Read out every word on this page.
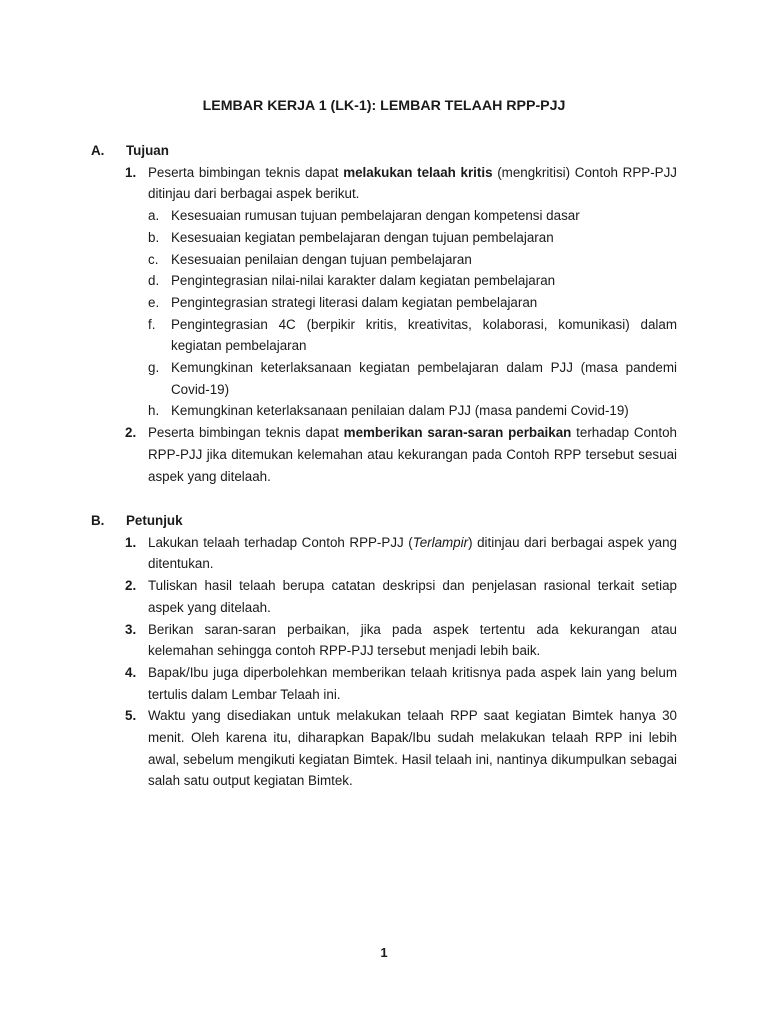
LEMBAR KERJA 1 (LK-1): LEMBAR TELAAH RPP-PJJ
A. Tujuan
1. Peserta bimbingan teknis dapat melakukan telaah kritis (mengkritisi) Contoh RPP-PJJ ditinjau dari berbagai aspek berikut.
a. Kesesuaian rumusan tujuan pembelajaran dengan kompetensi dasar
b. Kesesuaian kegiatan pembelajaran dengan tujuan pembelajaran
c. Kesesuaian penilaian dengan tujuan pembelajaran
d. Pengintegrasian nilai-nilai karakter dalam kegiatan pembelajaran
e. Pengintegrasian strategi literasi dalam kegiatan pembelajaran
f. Pengintegrasian 4C (berpikir kritis, kreativitas, kolaborasi, komunikasi) dalam kegiatan pembelajaran
g. Kemungkinan keterlaksanaan kegiatan pembelajaran dalam PJJ (masa pandemi Covid-19)
h. Kemungkinan keterlaksanaan penilaian dalam PJJ (masa pandemi Covid-19)
2. Peserta bimbingan teknis dapat memberikan saran-saran perbaikan terhadap Contoh RPP-PJJ jika ditemukan kelemahan atau kekurangan pada Contoh RPP tersebut sesuai aspek yang ditelaah.
B. Petunjuk
1. Lakukan telaah terhadap Contoh RPP-PJJ (Terlampir) ditinjau dari berbagai aspek yang ditentukan.
2. Tuliskan hasil telaah berupa catatan deskripsi dan penjelasan rasional terkait setiap aspek yang ditelaah.
3. Berikan saran-saran perbaikan, jika pada aspek tertentu ada kekurangan atau kelemahan sehingga contoh RPP-PJJ tersebut menjadi lebih baik.
4. Bapak/Ibu juga diperbolehkan memberikan telaah kritisnya pada aspek lain yang belum tertulis dalam Lembar Telaah ini.
5. Waktu yang disediakan untuk melakukan telaah RPP saat kegiatan Bimtek hanya 30 menit. Oleh karena itu, diharapkan Bapak/Ibu sudah melakukan telaah RPP ini lebih awal, sebelum mengikuti kegiatan Bimtek. Hasil telaah ini, nantinya dikumpulkan sebagai salah satu output kegiatan Bimtek.
1
